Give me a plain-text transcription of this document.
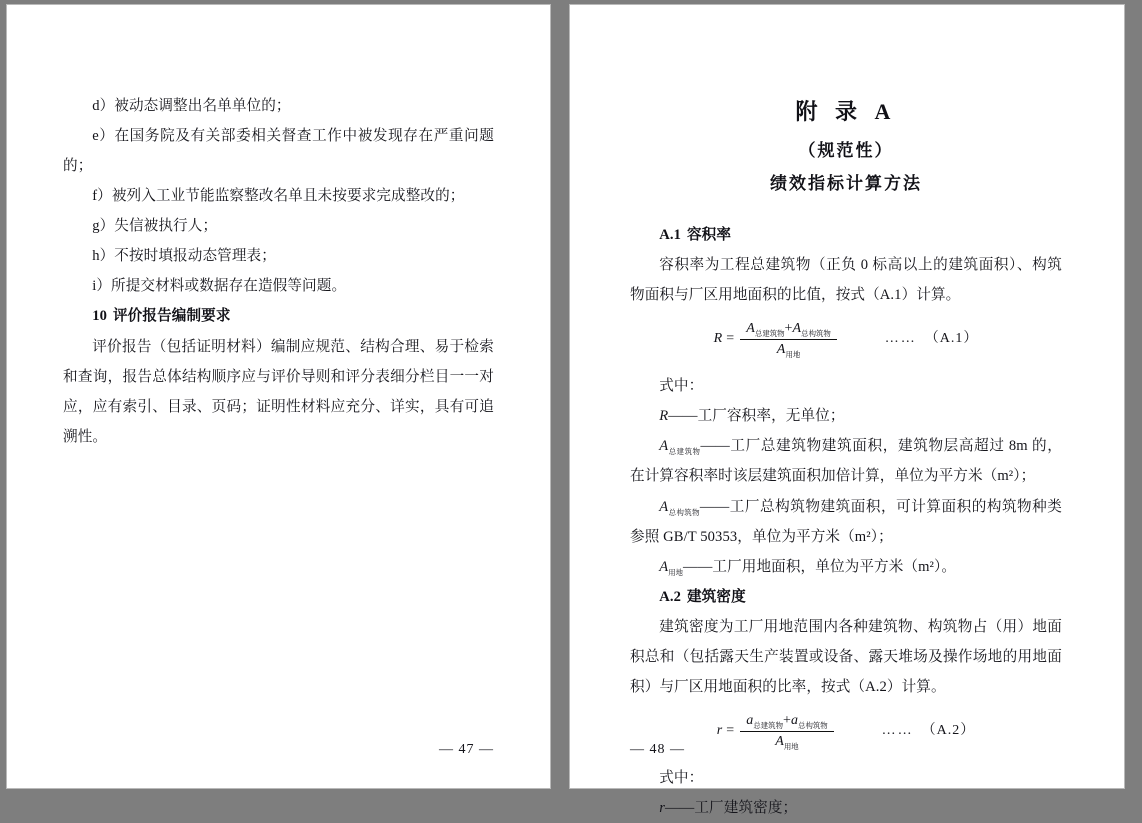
d）被动态调整出名单单位的；

e）在国务院及有关部委相关督查工作中被发现存在严重问题的；

f）被列入工业节能监察整改名单且未按要求完成整改的；

g）失信被执行人；

h）不按时填报动态管理表；

i）所提交材料或数据存在造假等问题。

10 评价报告编制要求

评价报告（包括证明材料）编制应规范、结构合理、易于检索和查询，报告总体结构顺序应与评价导则和评分表细分栏目一一对应，应有索引、目录、页码；证明性材料应充分、详实，具有可追溯性。

— 47 —
附 录 A
（规范性）
绩效指标计算方法

A.1 容积率

容积率为工程总建筑物（正负 0 标高以上的建筑面积）、构筑物面积与厂区用地面积的比值，按式（A.1）计算。

$R = \frac{A_{总建筑物}+A_{总构筑物}}{A_{用地}}$	…… （A.1）

式中：

R——工厂容积率，无单位；

$A_{总建筑物}——$工厂总建筑物建筑面积，建筑物层高超过 8m 的，在计算容积率时该层建筑面积加倍计算，单位为平方米（m²）；

$A_{总构筑物}——$工厂总构筑物建筑面积，可计算面积的构筑物种类参照 GB/T 50353，单位为平方米（m²）；

$A_{用地}——$工厂用地面积，单位为平方米（m²）。

A.2 建筑密度

建筑密度为工厂用地范围内各种建筑物、构筑物占（用）地面积总和（包括露天生产装置或设备、露天堆场及操作场地的用地面积）与厂区用地面积的比率，按式（A.2）计算。

$r = \frac{a_{总建筑物}+a_{总构筑物}}{A_{用地}}$	…… （A.2）

式中：

r——工厂建筑密度；

— 48 —
